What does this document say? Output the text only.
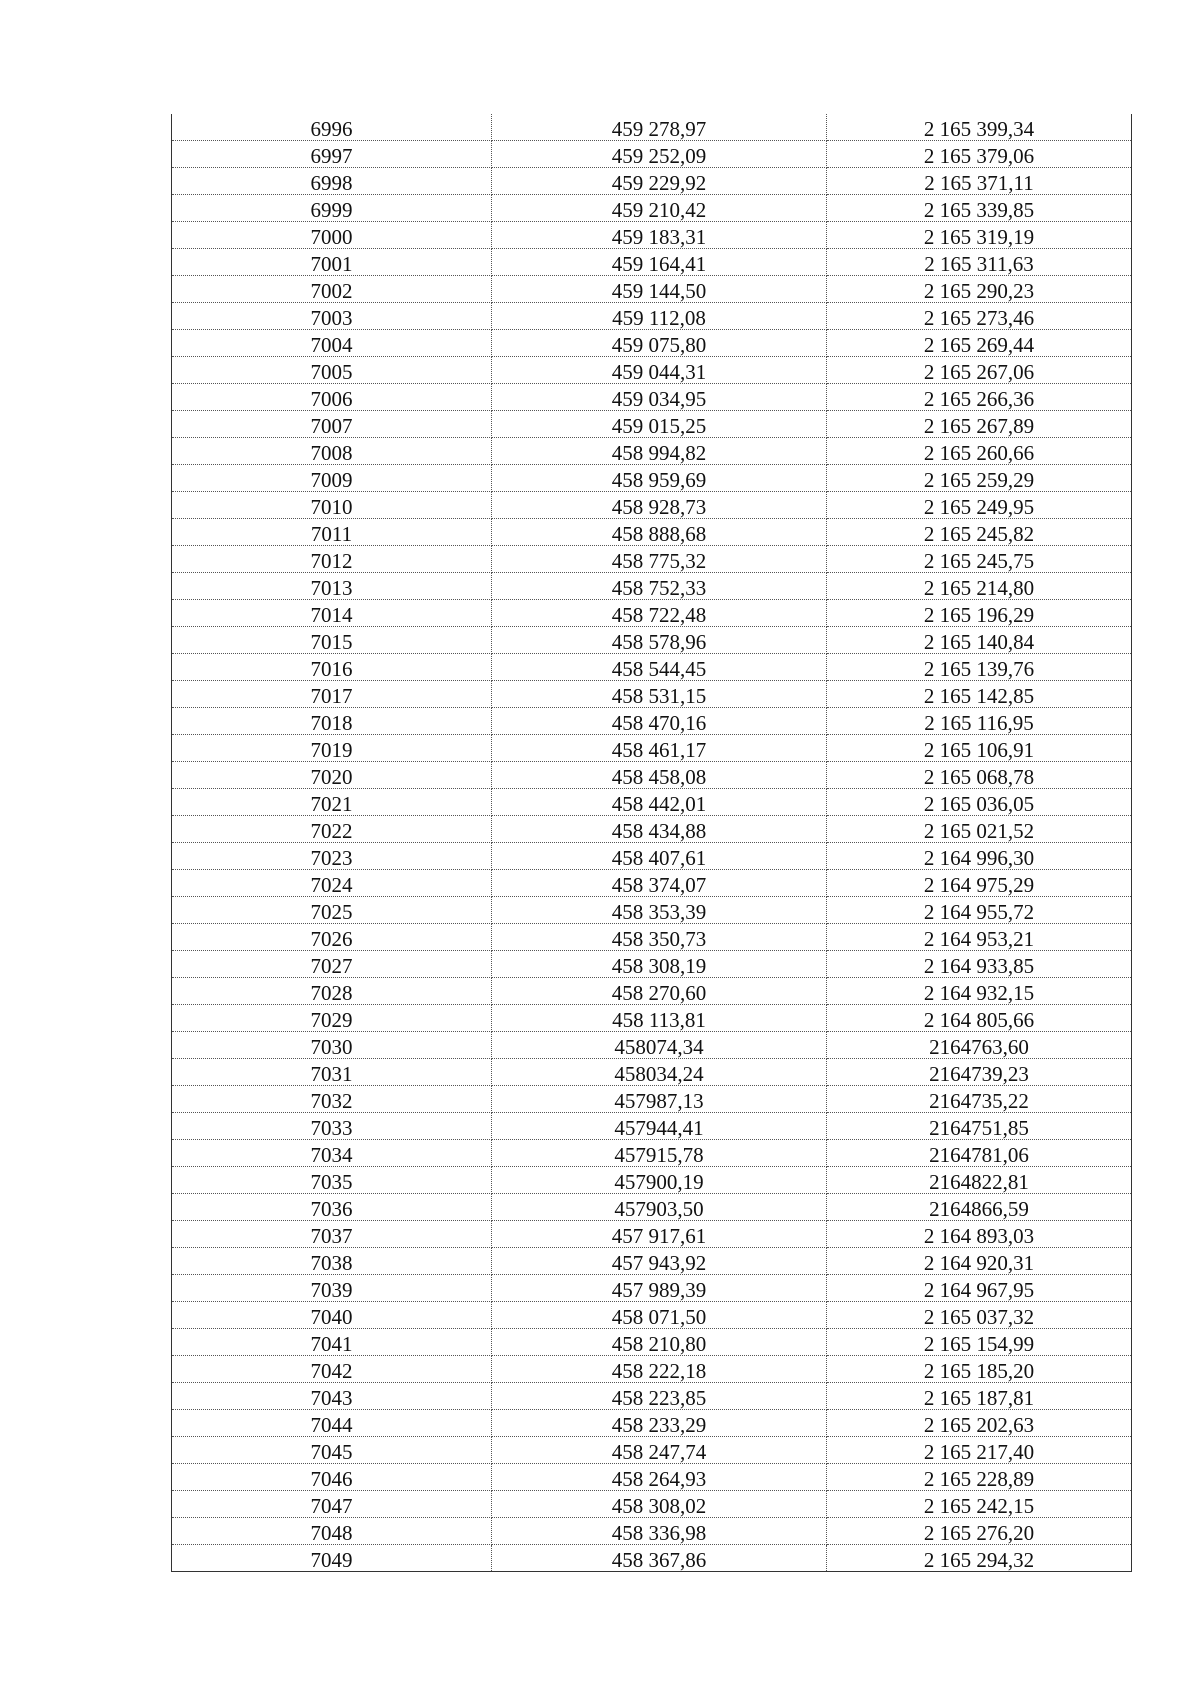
6996	459 278,97	2 165 399,34
6997	459 252,09	2 165 379,06
6998	459 229,92	2 165 371,11
6999	459 210,42	2 165 339,85
7000	459 183,31	2 165 319,19
7001	459 164,41	2 165 311,63
7002	459 144,50	2 165 290,23
7003	459 112,08	2 165 273,46
7004	459 075,80	2 165 269,44
7005	459 044,31	2 165 267,06
7006	459 034,95	2 165 266,36
7007	459 015,25	2 165 267,89
7008	458 994,82	2 165 260,66
7009	458 959,69	2 165 259,29
7010	458 928,73	2 165 249,95
7011	458 888,68	2 165 245,82
7012	458 775,32	2 165 245,75
7013	458 752,33	2 165 214,80
7014	458 722,48	2 165 196,29
7015	458 578,96	2 165 140,84
7016	458 544,45	2 165 139,76
7017	458 531,15	2 165 142,85
7018	458 470,16	2 165 116,95
7019	458 461,17	2 165 106,91
7020	458 458,08	2 165 068,78
7021	458 442,01	2 165 036,05
7022	458 434,88	2 165 021,52
7023	458 407,61	2 164 996,30
7024	458 374,07	2 164 975,29
7025	458 353,39	2 164 955,72
7026	458 350,73	2 164 953,21
7027	458 308,19	2 164 933,85
7028	458 270,60	2 164 932,15
7029	458 113,81	2 164 805,66
7030	458074,34	2164763,60
7031	458034,24	2164739,23
7032	457987,13	2164735,22
7033	457944,41	2164751,85
7034	457915,78	2164781,06
7035	457900,19	2164822,81
7036	457903,50	2164866,59
7037	457 917,61	2 164 893,03
7038	457 943,92	2 164 920,31
7039	457 989,39	2 164 967,95
7040	458 071,50	2 165 037,32
7041	458 210,80	2 165 154,99
7042	458 222,18	2 165 185,20
7043	458 223,85	2 165 187,81
7044	458 233,29	2 165 202,63
7045	458 247,74	2 165 217,40
7046	458 264,93	2 165 228,89
7047	458 308,02	2 165 242,15
7048	458 336,98	2 165 276,20
7049	458 367,86	2 165 294,32
